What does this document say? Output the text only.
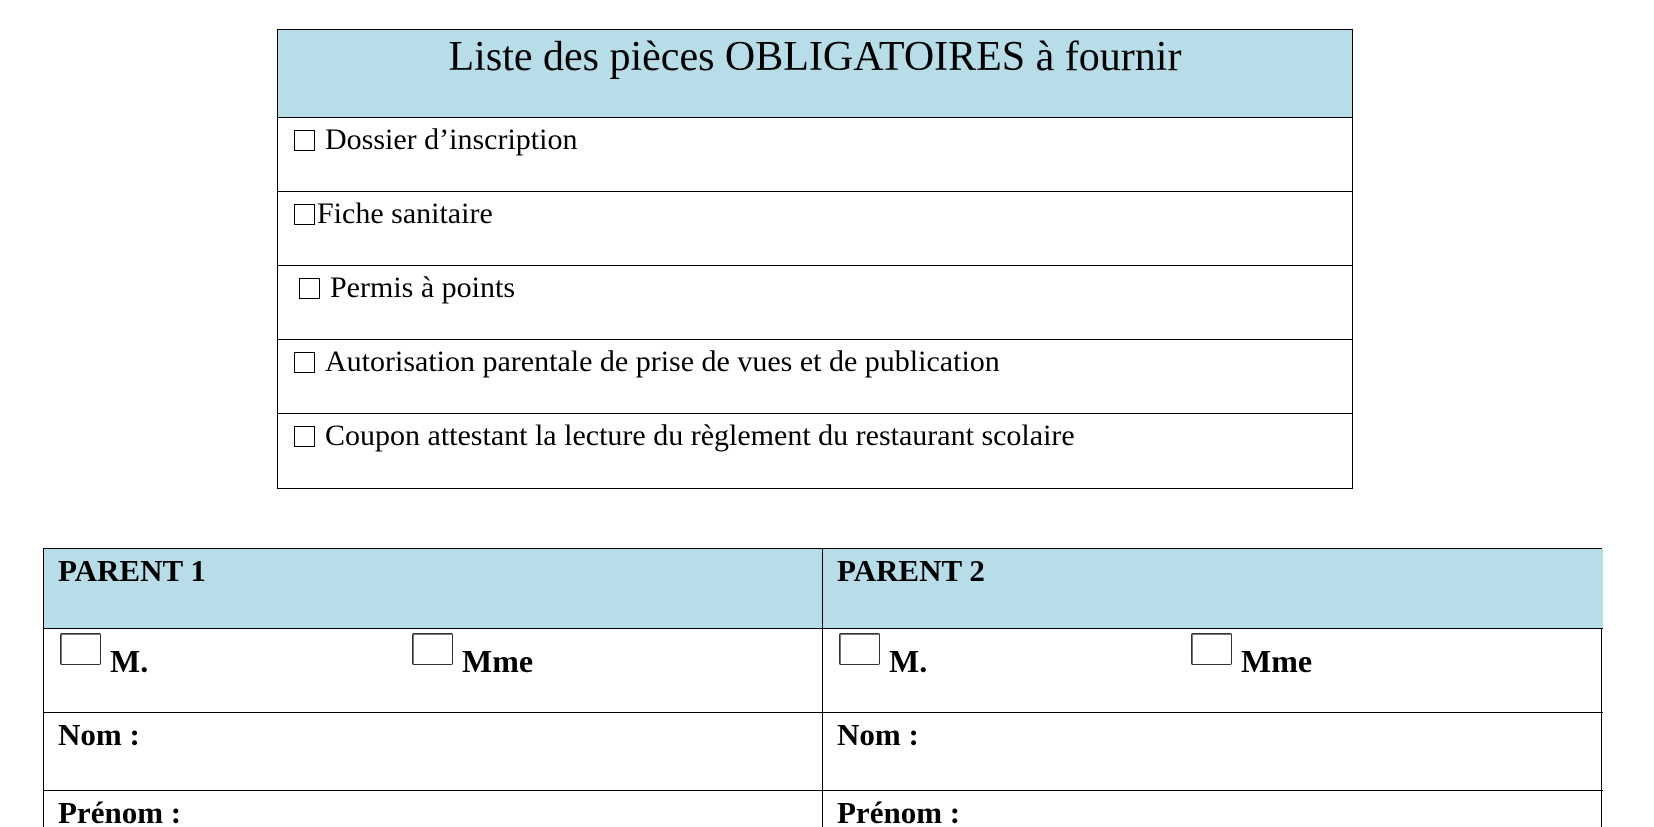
Liste des pièces OBLIGATOIRES à fournir
Dossier d’inscription
Fiche sanitaire
Permis à points
Autorisation parentale de prise de vues et de publication
Coupon attestant la lecture du règlement du restaurant scolaire
PARENT 1	PARENT 2
M.	Mme	M.	Mme
Nom :	Nom :
Prénom :	Prénom :
